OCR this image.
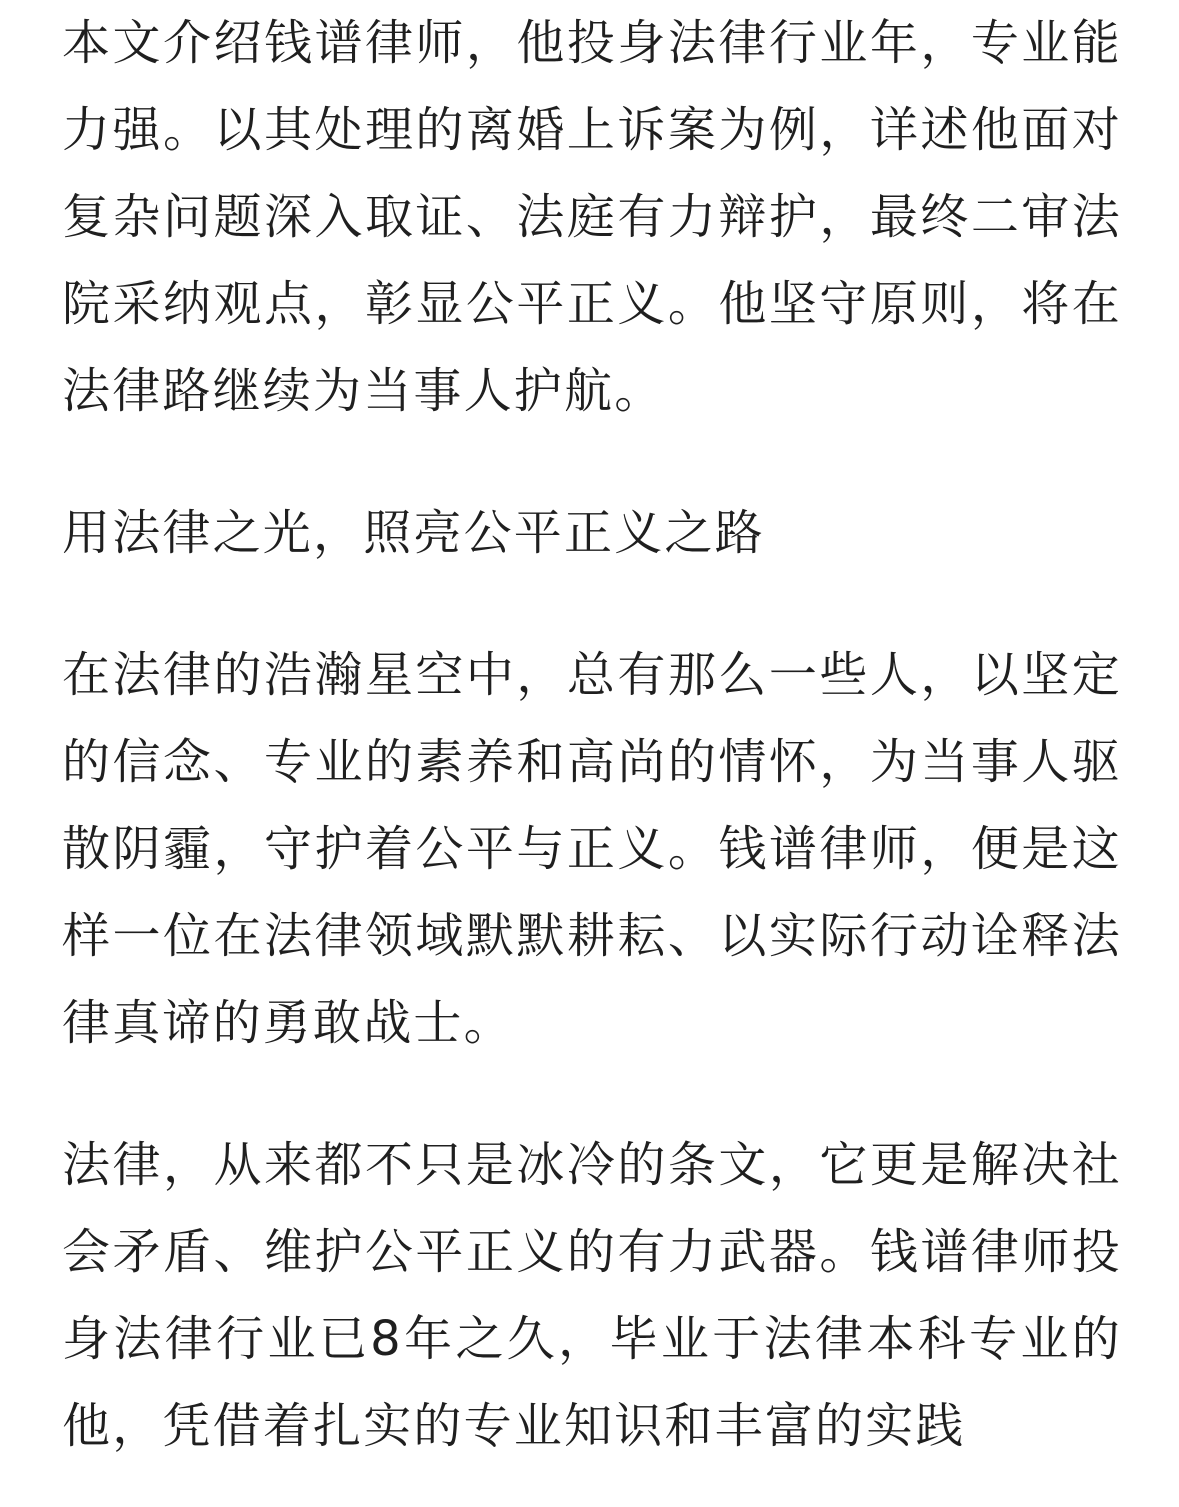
本文介绍钱谱律师，他投身法律行业年，专业能力强。以其处理的离婚上诉案为例，详述他面对复杂问题深入取证、法庭有力辩护，最终二审法院采纳观点，彰显公平正义。他坚守原则，将在法律路继续为当事人护航。

用法律之光，照亮公平正义之路

在法律的浩瀚星空中，总有那么一些人，以坚定的信念、专业的素养和高尚的情怀，为当事人驱散阴霾，守护着公平与正义。钱谱律师，便是这样一位在法律领域默默耕耘、以实际行动诠释法律真谛的勇敢战士。

法律，从来都不只是冰冷的条文，它更是解决社会矛盾、维护公平正义的有力武器。钱谱律师投身法律行业已8年之久，毕业于法律本科专业的他，凭借着扎实的专业知识和丰富的实践
